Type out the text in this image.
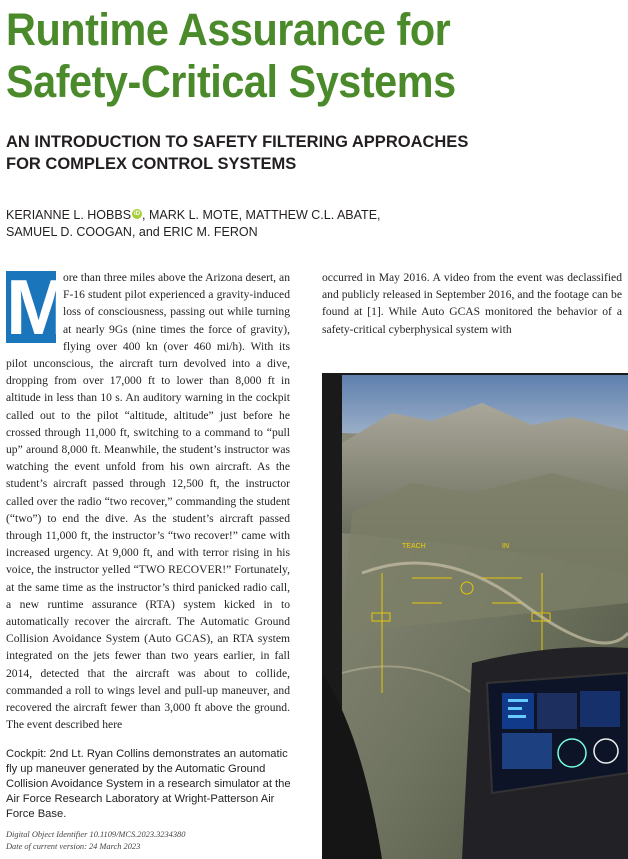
Runtime Assurance for Safety-Critical Systems
AN INTRODUCTION TO SAFETY FILTERING APPROACHES FOR COMPLEX CONTROL SYSTEMS
KERIANNE L. HOBBS iD , MARK L. MOTE, MATTHEW C.L. ABATE, SAMUEL D. COOGAN, and ERIC M. FERON
M
ore than three miles above the Arizona desert, an F-16 student pilot experienced a gravity-induced loss of consciousness, passing out while turning at nearly 9Gs (nine times the force of gravity), flying over 400 kn (over 460 mi/h). With its pilot unconscious, the aircraft turn devolved into a dive, dropping from over 17,000 ft to lower than 8,000 ft in altitude in less than 10 s. An auditory warning in the cockpit called out to the pilot “altitude, altitude” just before he crossed through 11,000 ft, switching to a command to “pull up” around 8,000 ft. Meanwhile, the student’s instructor was watching the event unfold from his own aircraft. As the student’s aircraft passed through 12,500 ft, the instructor called over the radio “two recover,” commanding the student (“two”) to end the dive. As the student’s aircraft passed through 11,000 ft, the instructor’s “two recover!” came with increased urgency. At 9,000 ft, and with terror rising in his voice, the instructor yelled “TWO RECOVER!” Fortunately, at the same time as the instructor’s third panicked radio call, a new runtime assurance (RTA) system kicked in to automatically recover the aircraft. The Automatic Ground Collision Avoidance System (Auto GCAS), an RTA system integrated on the jets fewer than two years earlier, in fall 2014, detected that the aircraft was about to collide, commanded a roll to wings level and pull-up maneuver, and recovered the aircraft fewer than 3,000 ft above the ground. The event described here
occurred in May 2016. A video from the event was declassified and publicly released in September 2016, and the footage can be found at [1]. While Auto GCAS monitored the behavior of a safety-critical cyberphysical system with
TEACH	IN
Cockpit: 2nd Lt. Ryan Collins demonstrates an automatic fly up maneuver generated by the Automatic Ground Collision Avoidance System in a research simulator at the Air Force Research Laboratory at Wright-Patterson Air Force Base.
Digital Object Identifier 10.1109/MCS.2023.3234380
Date of current version: 24 March 2023
